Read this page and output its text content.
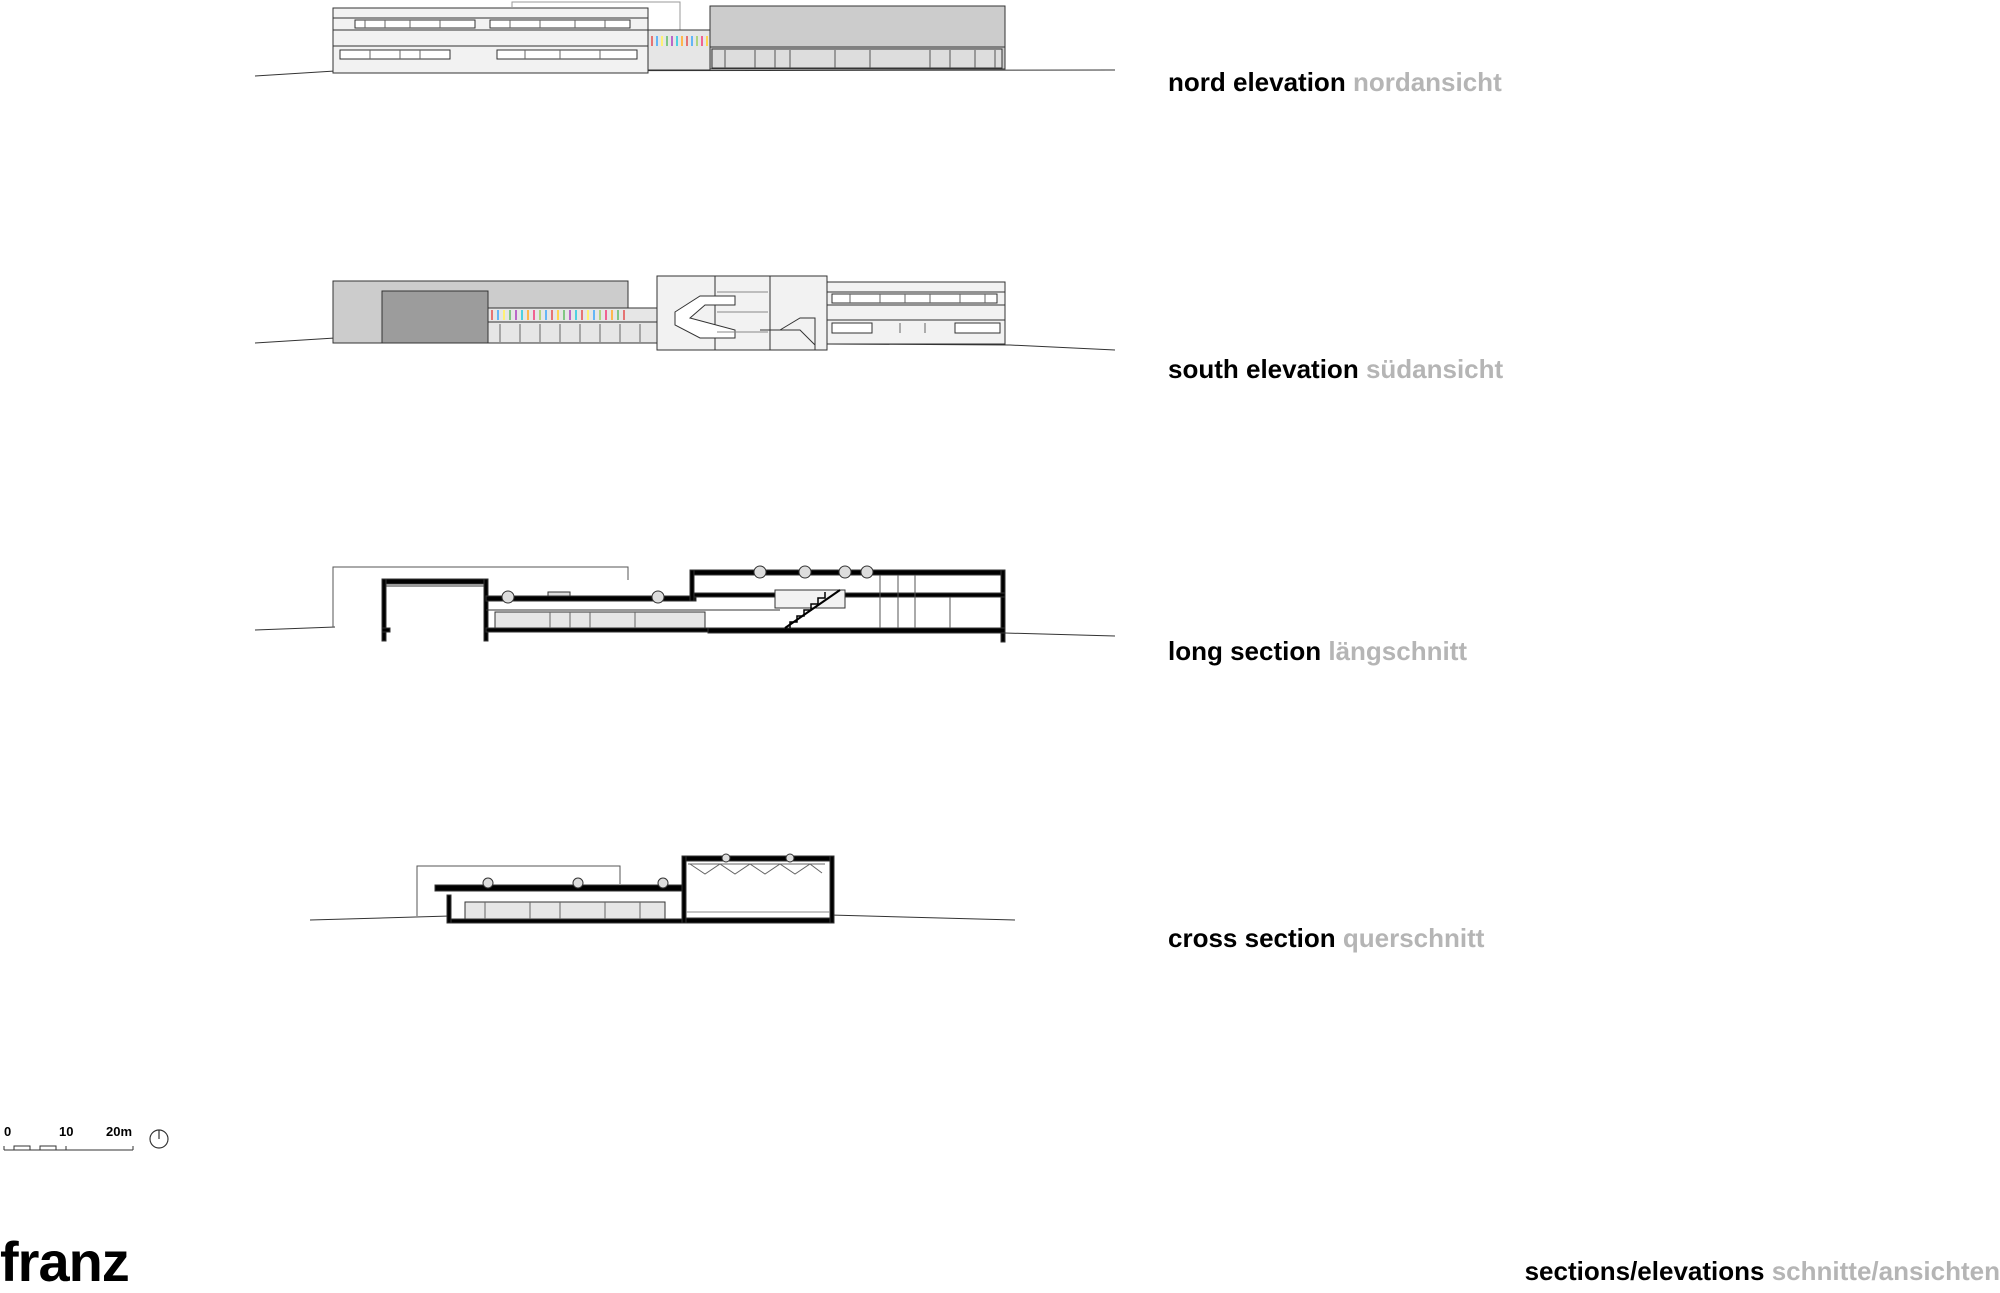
nord elevation nordansicht
south elevation südansicht
long section längschnitt
cross section querschnitt
0	10	20m
franz	sections/elevations schnitte/ansichten
